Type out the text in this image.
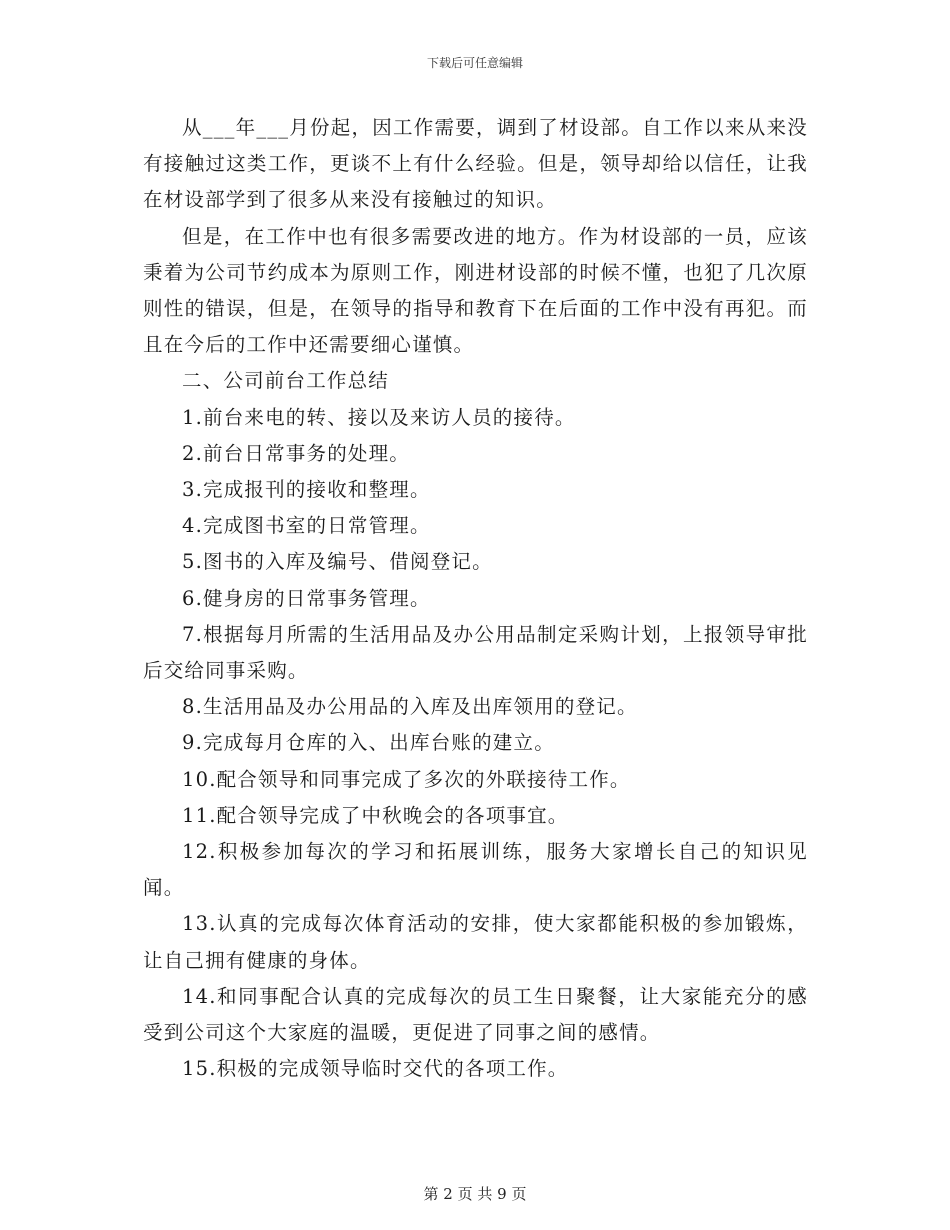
下载后可任意编辑

从___年___月份起，因工作需要，调到了材设部。自工作以来从来没有接触过这类工作，更谈不上有什么经验。但是，领导却给以信任，让我在材设部学到了很多从来没有接触过的知识。

但是，在工作中也有很多需要改进的地方。作为材设部的一员，应该秉着为公司节约成本为原则工作，刚进材设部的时候不懂，也犯了几次原则性的错误，但是，在领导的指导和教育下在后面的工作中没有再犯。而且在今后的工作中还需要细心谨慎。

二、公司前台工作总结

1.前台来电的转、接以及来访人员的接待。

2.前台日常事务的处理。

3.完成报刊的接收和整理。

4.完成图书室的日常管理。

5.图书的入库及编号、借阅登记。

6.健身房的日常事务管理。

7.根据每月所需的生活用品及办公用品制定采购计划，上报领导审批后交给同事采购。

8.生活用品及办公用品的入库及出库领用的登记。

9.完成每月仓库的入、出库台账的建立。

10.配合领导和同事完成了多次的外联接待工作。

11.配合领导完成了中秋晚会的各项事宜。

12.积极参加每次的学习和拓展训练，服务大家增长自己的知识见闻。

13.认真的完成每次体育活动的安排，使大家都能积极的参加锻炼，让自己拥有健康的身体。

14.和同事配合认真的完成每次的员工生日聚餐，让大家能充分的感受到公司这个大家庭的温暖，更促进了同事之间的感情。

15.积极的完成领导临时交代的各项工作。

第 2 页 共 9 页
